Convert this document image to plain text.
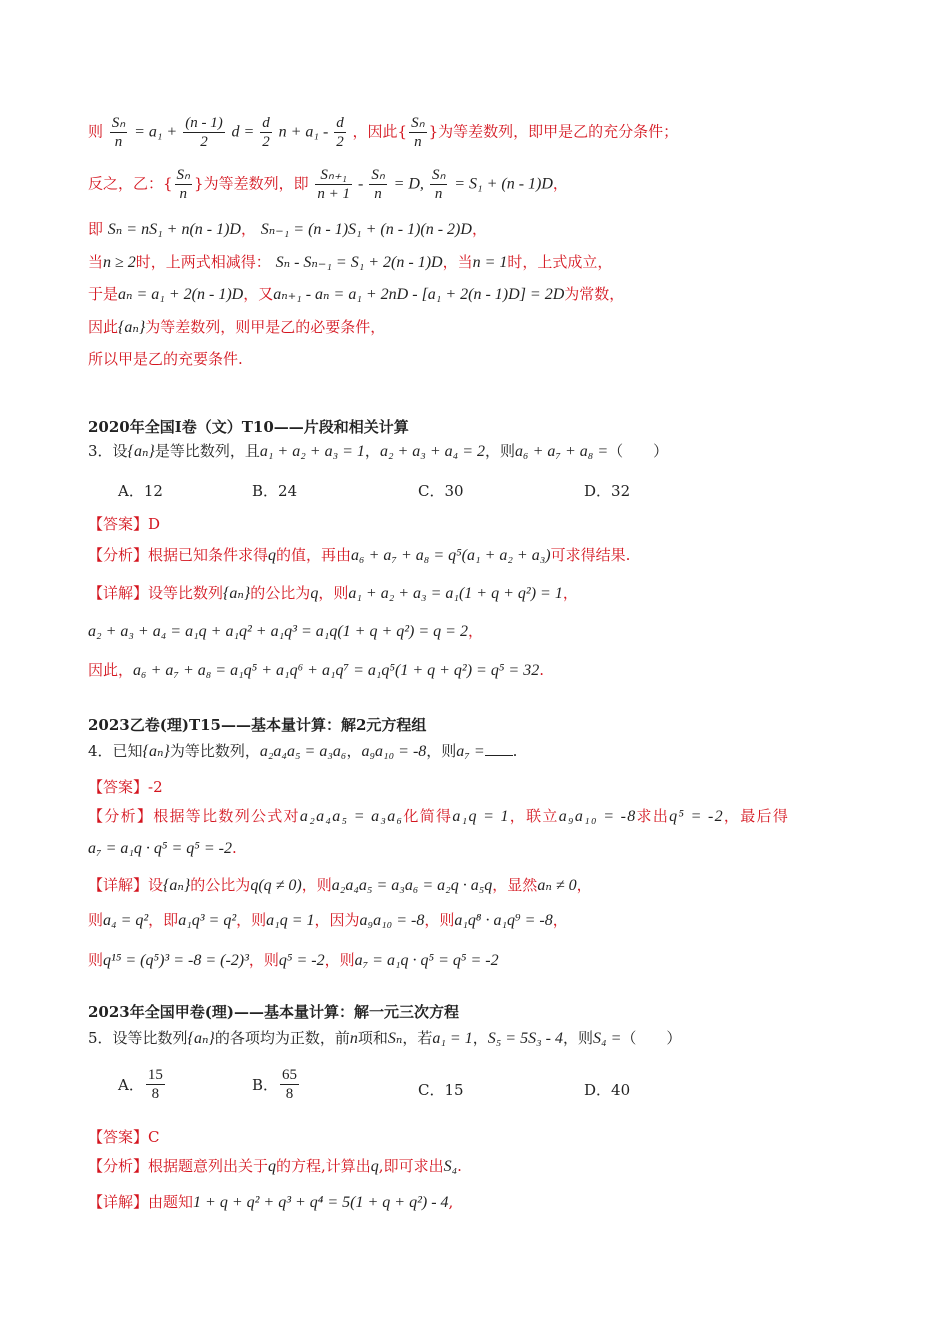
则 $\frac{\text{Sₙ}}{n} = a_1 + \frac{(n - 1)}{2}$ $d = \frac{d}{2}$ $n + a_1 - \frac{d}{2}$ ，因此{ $\frac{\text{Sₙ}}{n}$ }为等差数列，即甲是乙的充分条件；
反之，乙：{ $\frac{\text{Sₙ}}{n}$ }为等差数列，即 $\frac{\text{Sₙ₊₁}}{n + 1} - \frac{\text{Sₙ}}{n} = D$, $\frac{\text{Sₙ}}{n} = S_1 + (n - 1)D$，
即 Sₙ = nS₁ + n(n - 1)D， Sₙ₋₁ = (n - 1)S₁ + (n - 1)(n - 2)D，
当n ≥ 2时，上两式相减得： Sₙ - Sₙ₋₁ = S₁ + 2(n - 1)D，当n = 1时，上式成立，
于是aₙ = a₁ + 2(n - 1)D，又aₙ₊₁ - aₙ = a₁ + 2nD - [a₁ + 2(n - 1)D] = 2D为常数，
因此{aₙ}为等差数列，则甲是乙的必要条件，
所以甲是乙的充要条件.
2020年全国Ⅰ卷（文）T10——片段和相关计算
3．设{aₙ}是等比数列，且a₁ + a₂ + a₃ = 1，a₂ + a₃ + a₄ = 2，则a₆ + a₇ + a₈ =（　　）
A．12	B．24	C．30	D．32
【答案】D
【分析】根据已知条件求得q的值，再由a₆ + a₇ + a₈ = q⁵(a₁ + a₂ + a₃)可求得结果.
【详解】设等比数列{aₙ}的公比为q，则a₁ + a₂ + a₃ = a₁(1 + q + q²) = 1，
a₂ + a₃ + a₄ = a₁q + a₁q² + a₁q³ = a₁q(1 + q + q²) = q = 2，
因此，a₆ + a₇ + a₈ = a₁q⁵ + a₁q⁶ + a₁q⁷ = a₁q⁵(1 + q + q²) = q⁵ = 32.
2023乙卷(理)T15——基本量计算：解2元方程组
4．已知{aₙ}为等比数列，a₂a₄a₅ = a₃a₆，a₉a₁₀ = -8，则a₇ = .
【答案】-2
【分析】根据等比数列公式对a₂a₄a₅ = a₃a₆化简得a₁q = 1，联立a₉a₁₀ = -8求出q⁵ = -2，最后得
a₇ = a₁q · q⁵ = q⁵ = -2.
【详解】设{aₙ}的公比为q(q ≠ 0)，则a₂a₄a₅ = a₃a₆ = a₂q · a₅q，显然aₙ ≠ 0，
则a₄ = q²，即a₁q³ = q²，则a₁q = 1，因为a₉a₁₀ = -8，则a₁q⁸ · a₁q⁹ = -8，
则q¹⁵ = (q⁵)³ = -8 = (-2)³，则q⁵ = -2，则a₇ = a₁q · q⁵ = q⁵ = -2
2023年全国甲卷(理)——基本量计算：解一元三次方程
5．设等比数列{aₙ}的各项均为正数，前n项和Sₙ，若a₁ = 1，S₅ = 5S₃ - 4，则S₄ =（　　）
A． $\frac{15}{8}$	B． $\frac{65}{8}$	C．15	D．40
【答案】C
【分析】根据题意列出关于q的方程,计算出q,即可求出S₄.
【详解】由题知1 + q + q² + q³ + q⁴ = 5(1 + q + q²) - 4,
